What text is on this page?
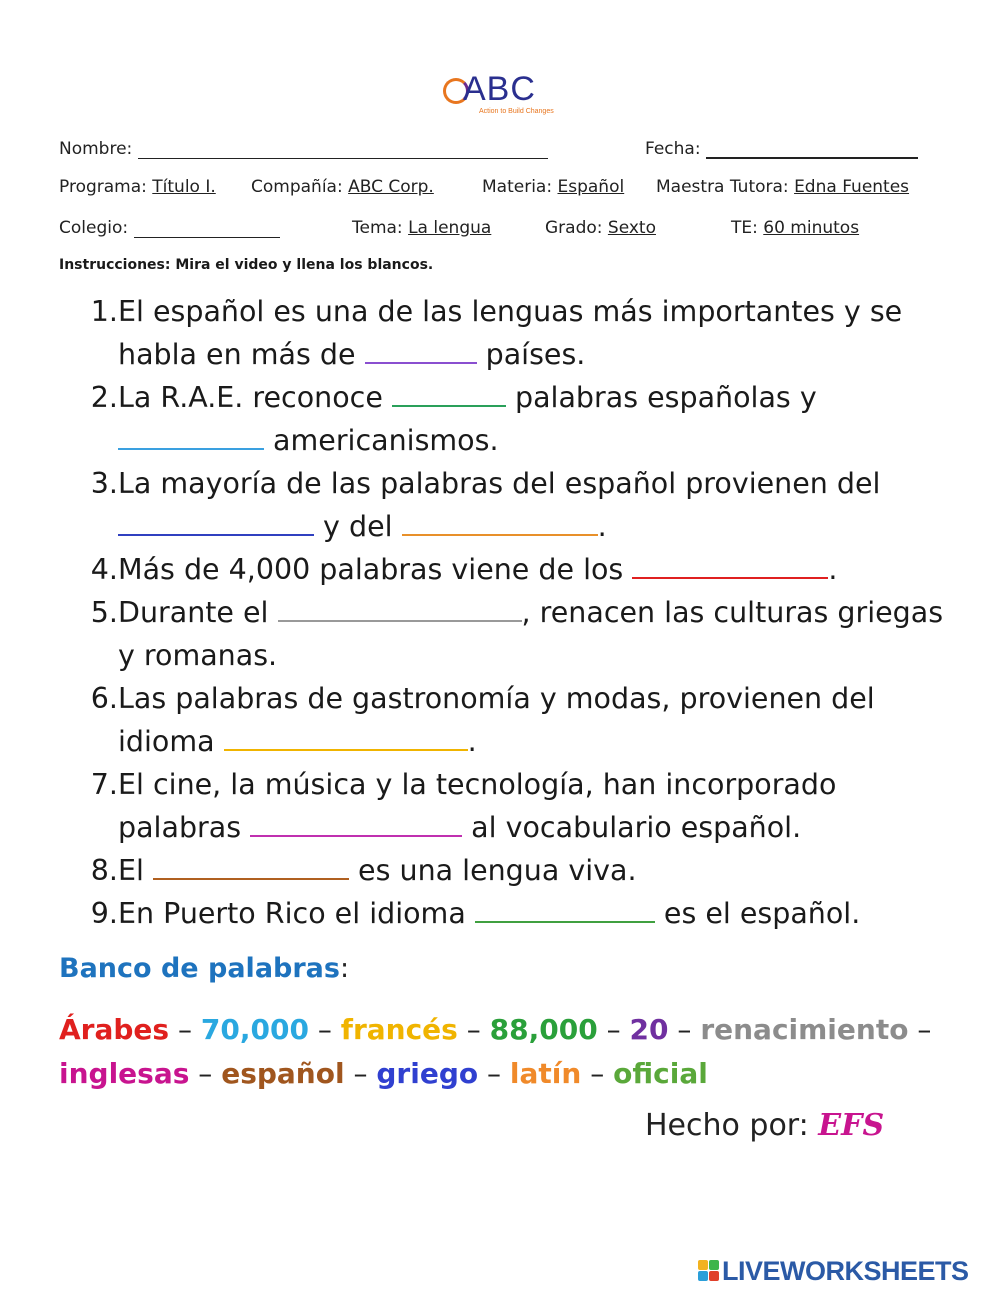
ABC
Action to Build Changes
Nombre:	Fecha:
Programa: Título I. Compañía: ABC Corp.	Materia: Español Maestra Tutora: Edna Fuentes
Colegio:	Tema: La lengua	Grado: Sexto	TE: 60 minutos
Instrucciones: Mira el video y llena los blancos.
1. El español es una de las lenguas más importantes y se habla en más de	países.
2. La R.A.E. reconoce	palabras españolas y  americanismos.
3. La mayoría de las palabras del español provienen del  y del	.
4. Más de 4,000 palabras viene de los	.
5. Durante el	, renacen las culturas griegas y romanas.
6. Las palabras de gastronomía y modas, provienen del idioma	.
7. El cine, la música y la tecnología, han incorporado palabras	al vocabulario español.
8. El	es una lengua viva.
9. En Puerto Rico el idioma	es el español.
Banco de palabras:
Árabes – 70,000 – francés – 88,000 – 20 – renacimiento – inglesas – español – griego – latín – oficial
Hecho por: EFS
LIVEWORKSHEETS
